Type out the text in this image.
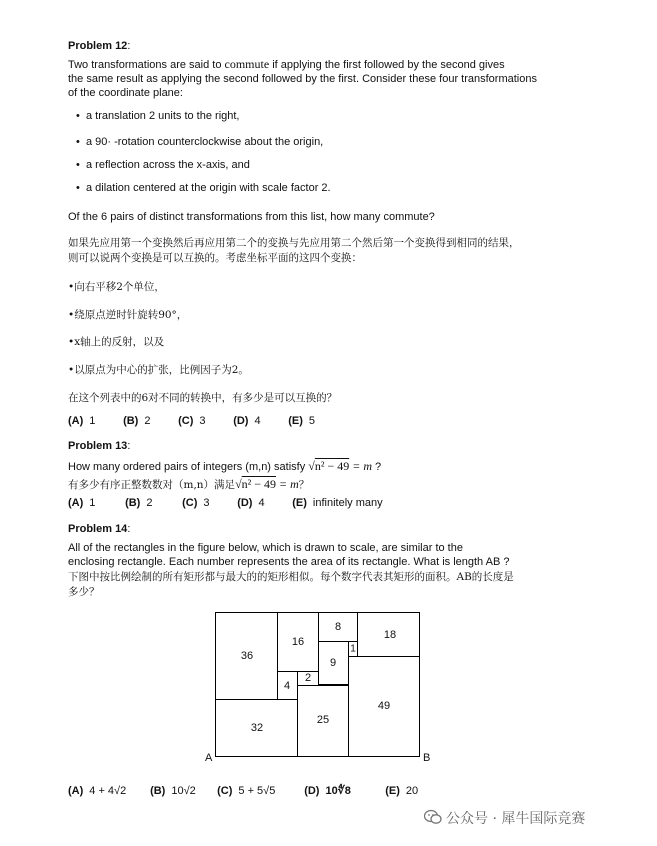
Problem 12:

Two transformations are said to commute if applying the first followed by the second gives

the same result as applying the second followed by the first. Consider these four transformations

of the coordinate plane:

• a translation 2 units to the right,
• a 90· -rotation counterclockwise about the origin,
• a reflection across the x-axis, and
• a dilation centered at the origin with scale factor 2.
Of the 6 pairs of distinct transformations from this list, how many commute?

如果先应用第一个变换然后再应用第二个的变换与先应用第二个然后第一个变换得到相同的结果，

则可以说两个变换是可以互换的。考虑坐标平面的这四个变换：

•向右平移2个单位，
•绕原点逆时针旋转90°，
•x轴上的反射，以及
•以原点为中心的扩张，比例因子为2。
在这个列表中的6对不同的转换中，有多少是可以互换的？
(A) 1	(B) 2	(C) 3	(D) 4	(E) 5
Problem 13:
How many ordered pairs of integers (m,n) satisfy √n² − 49 = m ?
有多少有序正整数数对（m,n）满足√n² − 49 = m？
(A) 1	(B) 2	(C) 3	(D) 4	(E) infinitely many
Problem 14:

All of the rectangles in the figure below, which is drawn to scale, are similar to the

enclosing rectangle. Each number represents the area of its rectangle. What is length AB ?

下图中按比例绘制的所有矩形都与最大的的矩形相似。每个数字代表其矩形的面积。AB的长度是

多少？

36
16
8
18
1
9
2
4
32
25
49
A	B
(A) 4 + 4√2 (B) 10√2 (C) 5 + 5√5	(D) 10∜8	(E) 20
公众号 · 犀牛国际竞赛
